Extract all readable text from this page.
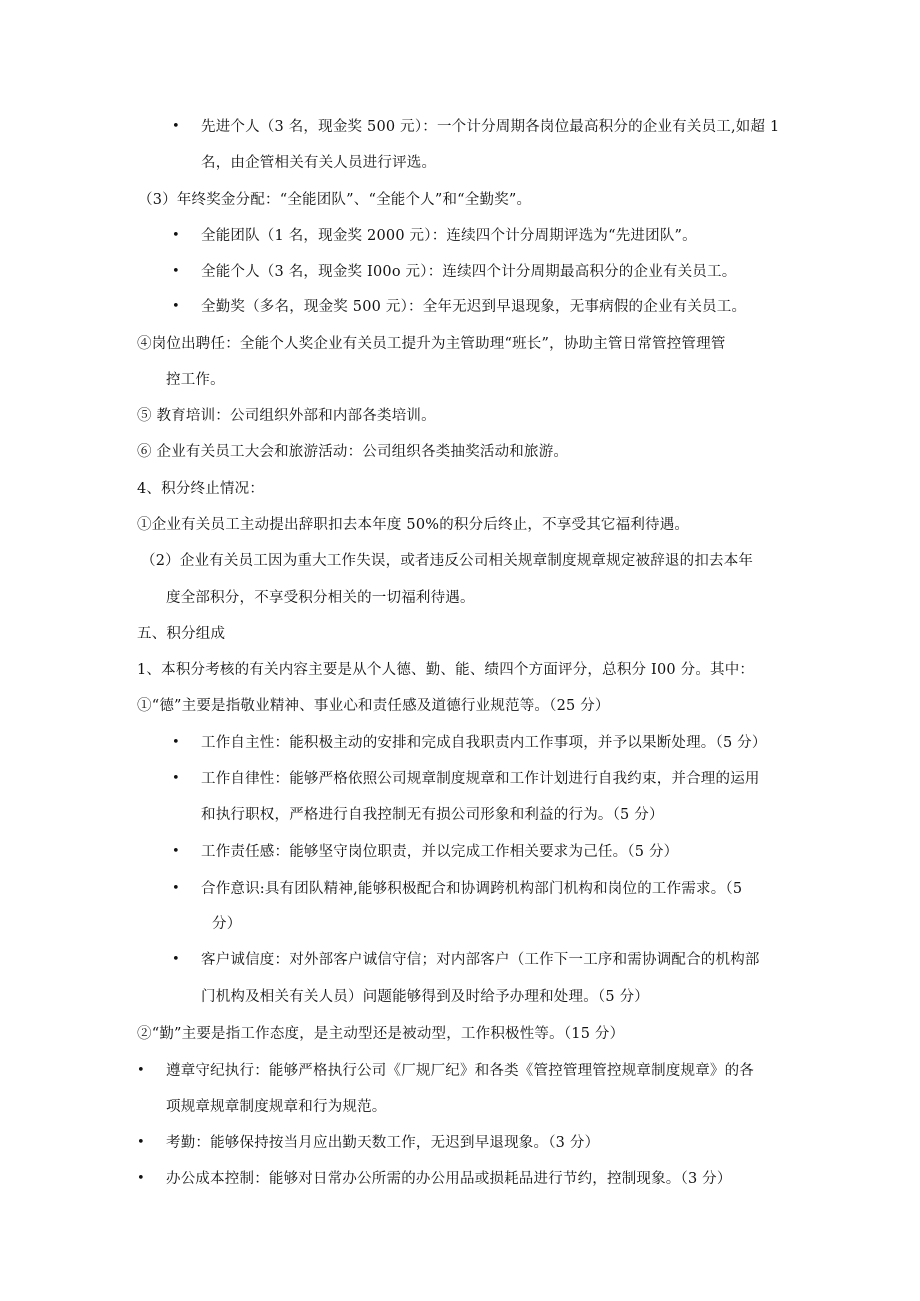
•
•
•
•
•
•
•
•
•
•
•
•
先进个人（3 名，现金奖 500 元）：一个计分周期各岗位最高积分的企业有关员工,如超 1
名，由企管相关有关人员进行评选。
（3）年终奖金分配：“全能团队”、“全能个人”和“全勤奖”。
全能团队（1 名，现金奖 2000 元）：连续四个计分周期评选为“先进团队”。
全能个人（3 名，现金奖 I00o 元）：连续四个计分周期最高积分的企业有关员工。
全勤奖（多名，现金奖 500 元）：全年无迟到早退现象，无事病假的企业有关员工。
④岗位出聘任：全能个人奖企业有关员工提升为主管助理“班长”，协助主管日常管控管理管
控工作。
⑤ 教育培训：公司组织外部和内部各类培训。
⑥ 企业有关员工大会和旅游活动：公司组织各类抽奖活动和旅游。
4、积分终止情况：
①企业有关员工主动提出辞职扣去本年度 50%的积分后终止，不享受其它福利待遇。
（2）企业有关员工因为重大工作失误，或者违反公司相关规章制度规章规定被辞退的扣去本年
度全部积分，不享受积分相关的一切福利待遇。
五、积分组成
1、本积分考核的有关内容主要是从个人德、勤、能、绩四个方面评分，总积分 I00 分。其中：
①“德”主要是指敬业精神、事业心和责任感及道德行业规范等。（25 分）
工作自主性：能积极主动的安排和完成自我职责内工作事项，并予以果断处理。（5 分）
工作自律性：能够严格依照公司规章制度规章和工作计划进行自我约束，并合理的运用
和执行职权，严格进行自我控制无有损公司形象和利益的行为。（5 分）
工作责任感：能够坚守岗位职责，并以完成工作相关要求为己任。（5 分）
合作意识:具有团队精神,能够积极配合和协调跨机构部门机构和岗位的工作需求。（5
分）
客户诚信度：对外部客户诚信守信；对内部客户（工作下一工序和需协调配合的机构部
门机构及相关有关人员）问题能够得到及时给予办理和处理。（5 分）
②“勤”主要是指工作态度，是主动型还是被动型，工作积极性等。（15 分）
遵章守纪执行：能够严格执行公司《厂规厂纪》和各类《管控管理管控规章制度规章》的各
项规章规章制度规章和行为规范。
考勤：能够保持按当月应出勤天数工作，无迟到早退现象。（3 分）
办公成本控制：能够对日常办公所需的办公用品或损耗品进行节约，控制现象。（3 分）
